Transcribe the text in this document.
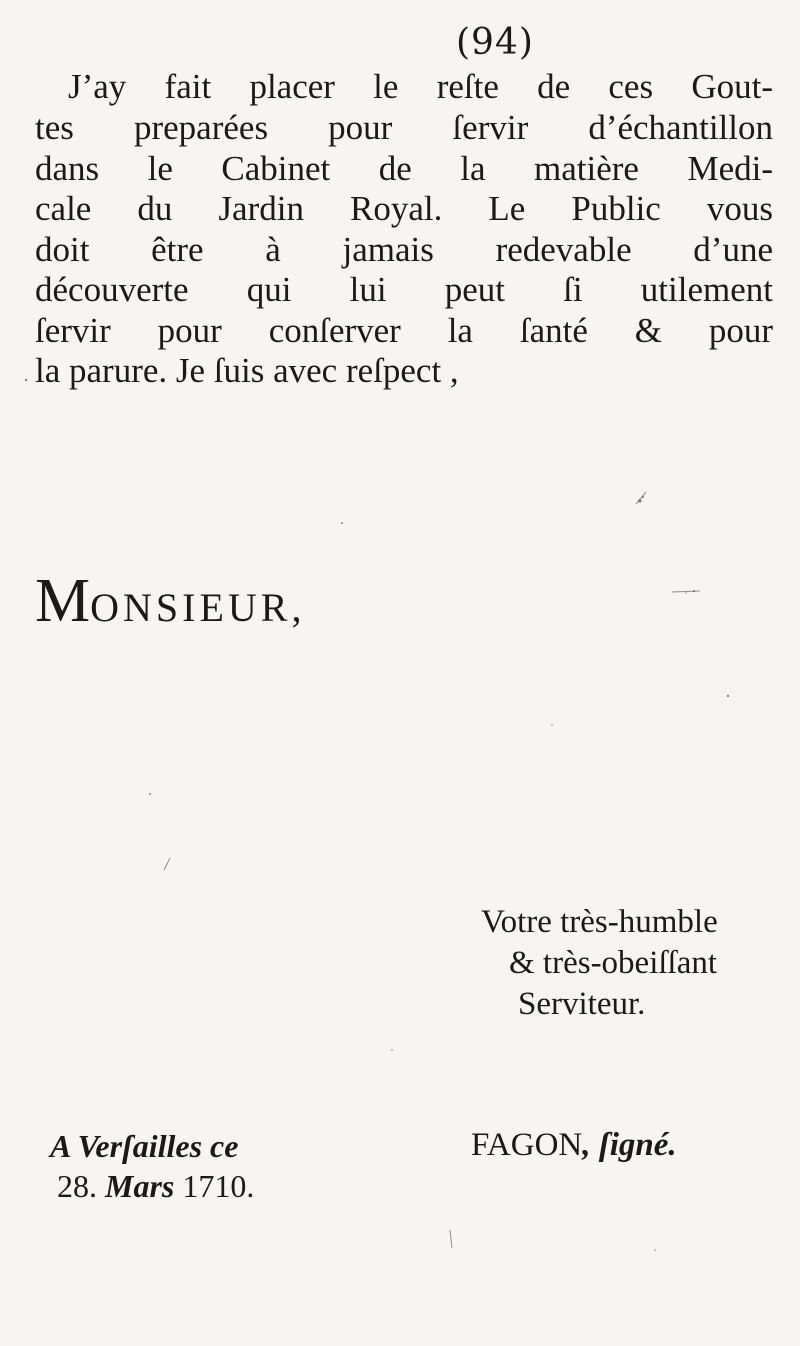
(94)
J’ay fait placer le reſte de ces Gout-
tes preparées pour ſervir d’échantillon
dans le Cabinet de la matière Medi-
cale du Jardin Royal. Le Public vous
doit être à jamais redevable d’une
découverte qui lui peut ſi utilement
ſervir pour conſerver la ſanté & pour
la parure. Je ſuis avec reſpect ,
MONSIEUR,
Votre très-humble
& très-obeiſſant
Serviteur.
A Verſailles ce
28. Mars 1710.
FAGON, ſigné.
